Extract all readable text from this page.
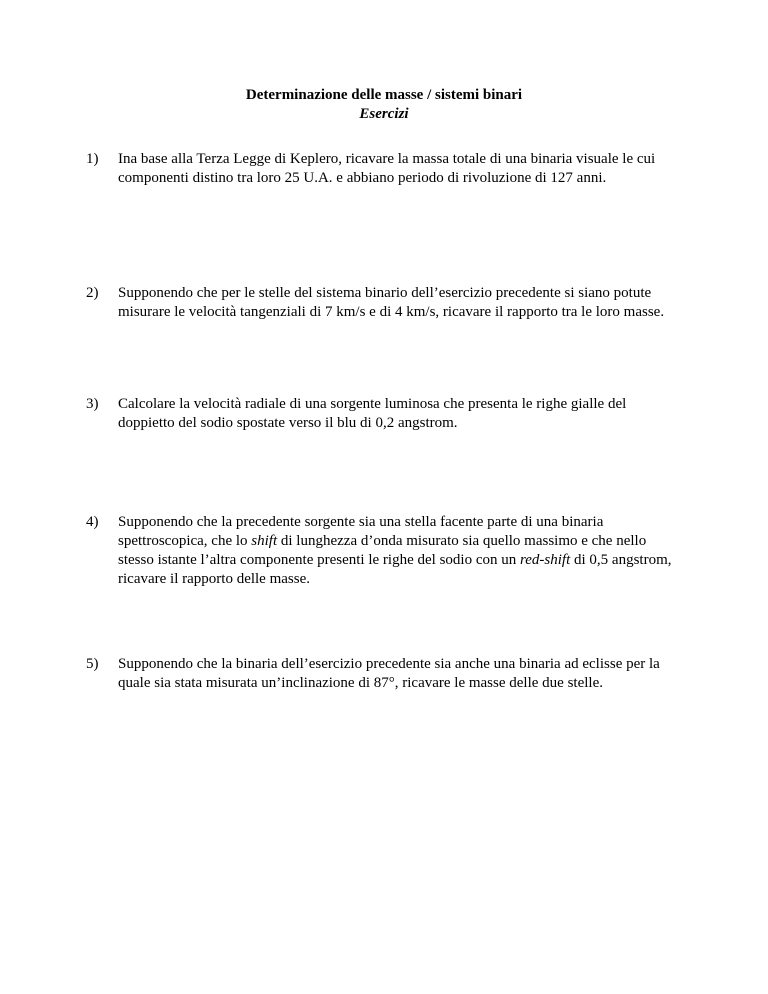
Determinazione delle masse / sistemi binari
Esercizi
1)	Ina base alla Terza Legge di Keplero, ricavare la massa totale di una binaria visuale le cui
componenti distino tra loro 25 U.A. e abbiano periodo di rivoluzione di 127 anni.
2)	Supponendo che per le stelle del sistema binario dell’esercizio precedente si siano potute
misurare le velocità tangenziali di 7 km/s e di 4 km/s, ricavare il rapporto tra le loro masse.
3)	Calcolare la velocità radiale di una sorgente luminosa che presenta le righe gialle del
doppietto del sodio spostate verso il blu di 0,2 angstrom.
4)	Supponendo che la precedente sorgente sia una stella facente parte di una binaria
spettroscopica, che lo shift di lunghezza d’onda misurato sia quello massimo e che nello
stesso istante l’altra componente presenti le righe del sodio con un red-shift di 0,5 angstrom,
ricavare il rapporto delle masse.
5)	Supponendo che la binaria dell’esercizio precedente sia anche una binaria ad eclisse per la
quale sia stata misurata un’inclinazione di 87°, ricavare le masse delle due stelle.
